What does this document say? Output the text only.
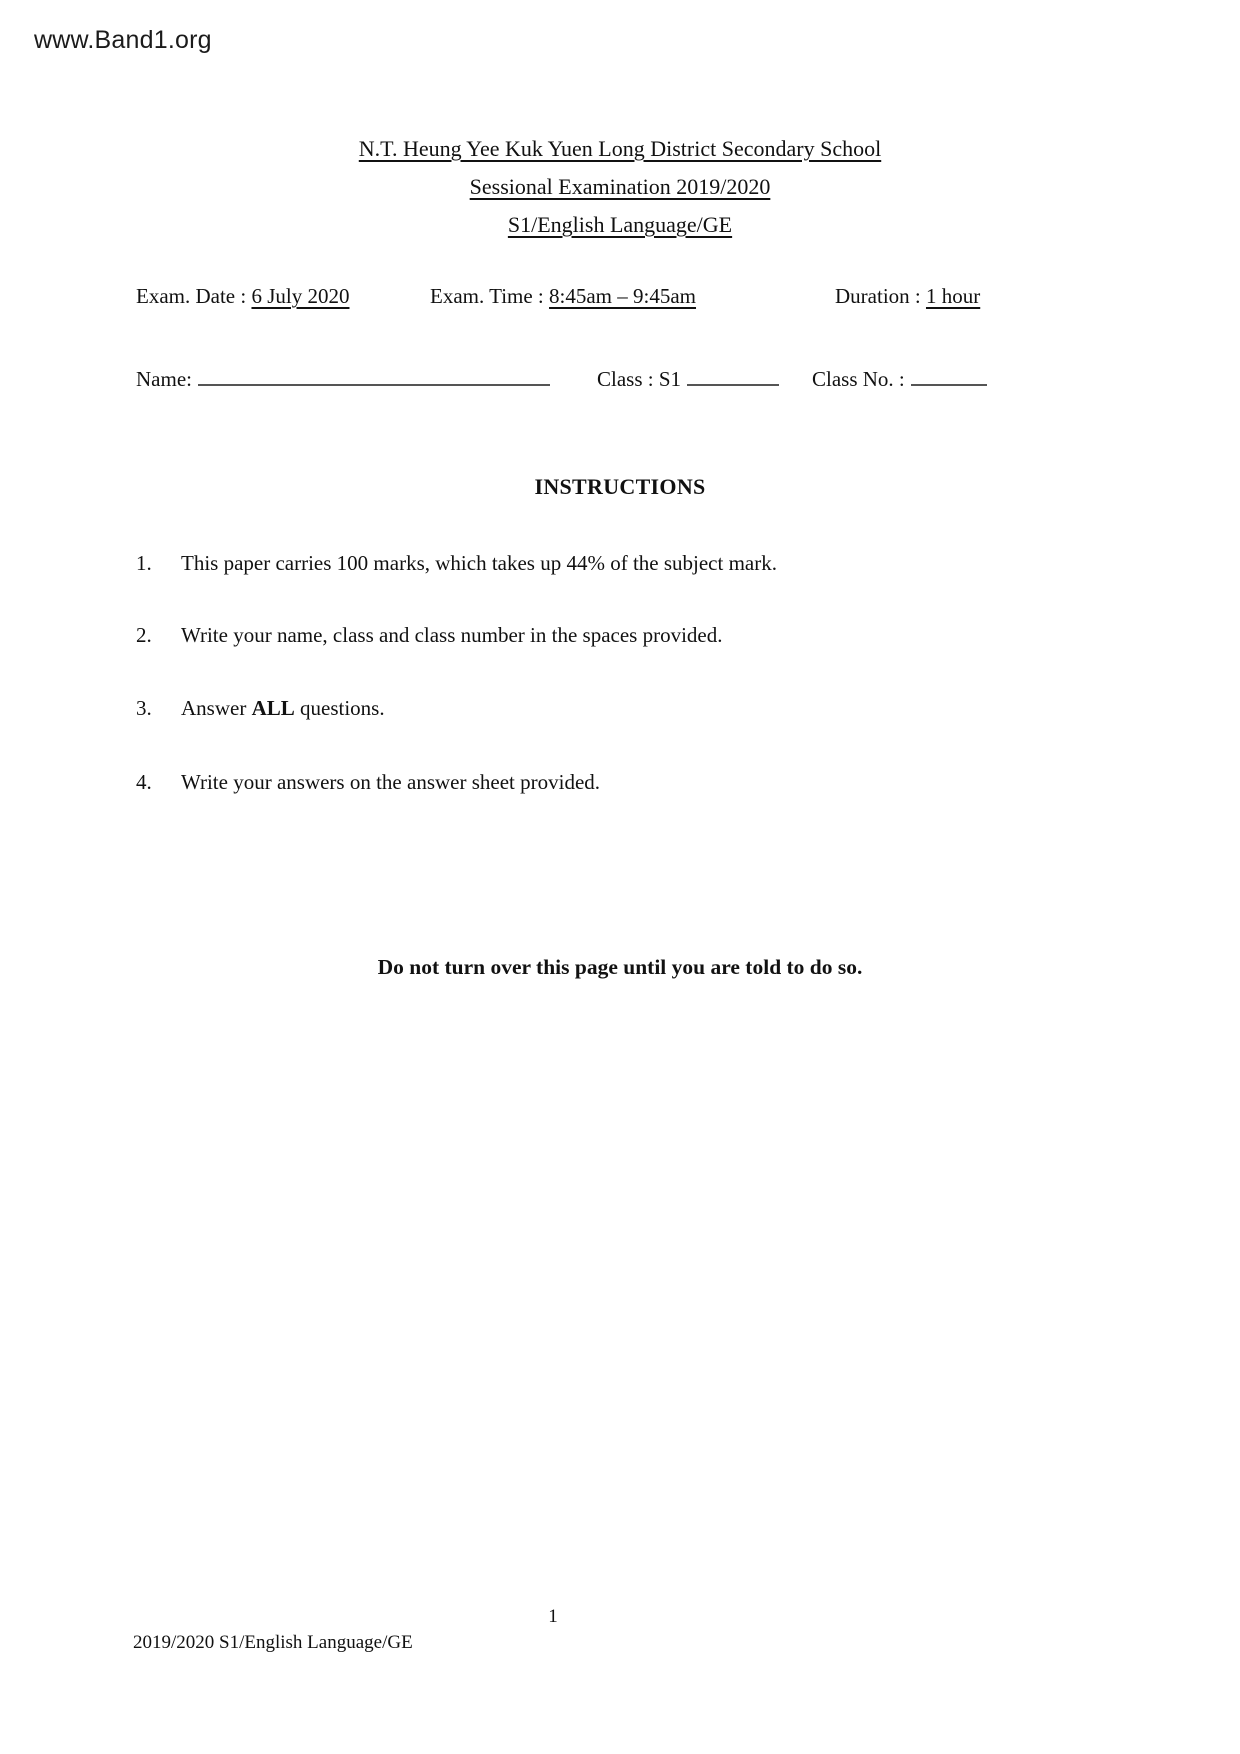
www.Band1.org
N.T. Heung Yee Kuk Yuen Long District Secondary School
Sessional Examination 2019/2020
S1/English Language/GE
Exam. Date : 6 July 2020	Exam. Time : 8:45am – 9:45am	Duration : 1 hour
Name:	Class : S1	Class No. :
INSTRUCTIONS
1. This paper carries 100 marks, which takes up 44% of the subject mark.
2. Write your name, class and class number in the spaces provided.
3. Answer ALL questions.
4. Write your answers on the answer sheet provided.
Do not turn over this page until you are told to do so.
1
2019/2020 S1/English Language/GE
